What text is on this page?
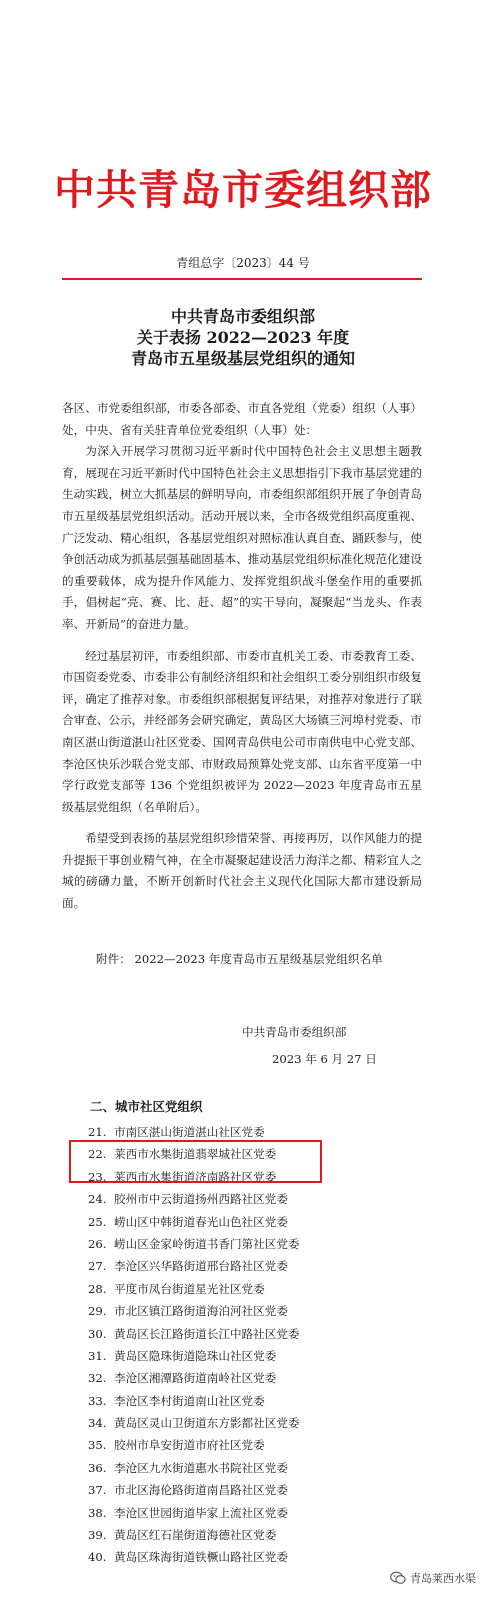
中共青岛市委组织部
青组总字〔2023〕44 号
中共青岛市委组织部
关于表扬 2022—2023 年度
青岛市五星级基层党组织的通知

各区、市党委组织部，市委各部委、市直各党组（党委）组织（人事）处，中央、省有关驻青单位党委组织（人事）处：

为深入开展学习贯彻习近平新时代中国特色社会主义思想主题教育，展现在习近平新时代中国特色社会主义思想指引下我市基层党建的生动实践，树立大抓基层的鲜明导向，市委组织部组织开展了争创青岛市五星级基层党组织活动。活动开展以来，全市各级党组织高度重视、广泛发动、精心组织，各基层党组织对照标准认真自查、踊跃参与，使争创活动成为抓基层强基础固基本、推动基层党组织标准化规范化建设的重要载体，成为提升作风能力、发挥党组织战斗堡垒作用的重要抓手，倡树起“亮、赛、比、赶、超”的实干导向，凝聚起“当龙头、作表率、开新局”的奋进力量。

经过基层初评，市委组织部、市委市直机关工委、市委教育工委、市国资委党委、市委非公有制经济组织和社会组织工委分别组织市级复评，确定了推荐对象。市委组织部根据复评结果，对推荐对象进行了联合审查、公示，并经部务会研究确定，黄岛区大场镇三河埠村党委、市南区湛山街道湛山社区党委、国网青岛供电公司市南供电中心党支部、李沧区快乐沙联合党支部、市财政局预算处党支部、山东省平度第一中学行政党支部等 136 个党组织被评为 2022—2023 年度青岛市五星级基层党组织（名单附后）。

希望受到表扬的基层党组织珍惜荣誉、再接再厉，以作风能力的提升提振干事创业精气神，在全市凝聚起建设活力海洋之都、精彩宜人之城的磅礴力量，不断开创新时代社会主义现代化国际大都市建设新局面。

附件： 2022—2023 年度青岛市五星级基层党组织名单
中共青岛市委组织部
2023 年 6 月 27 日
二、城市社区党组织
21. 市南区湛山街道湛山社区党委
22. 莱西市水集街道翡翠城社区党委
23. 莱西市水集街道济南路社区党委
24. 胶州市中云街道扬州西路社区党委
25. 崂山区中韩街道春光山色社区党委
26. 崂山区金家岭街道书香门第社区党委
27. 李沧区兴华路街道邢台路社区党委
28. 平度市凤台街道星光社区党委
29. 市北区镇江路街道海泊河社区党委
30. 黄岛区长江路街道长江中路社区党委
31. 黄岛区隐珠街道隐珠山社区党委
32. 李沧区湘潭路街道南岭社区党委
33. 李沧区李村街道南山社区党委
34. 黄岛区灵山卫街道东方影都社区党委
35. 胶州市阜安街道市府社区党委
36. 李沧区九水街道惠水书院社区党委
37. 市北区海伦路街道南昌路社区党委
38. 李沧区世园街道毕家上流社区党委
39. 黄岛区红石崖街道海德社区党委
40. 黄岛区珠海街道铁橛山路社区党委
青岛莱西水渠
